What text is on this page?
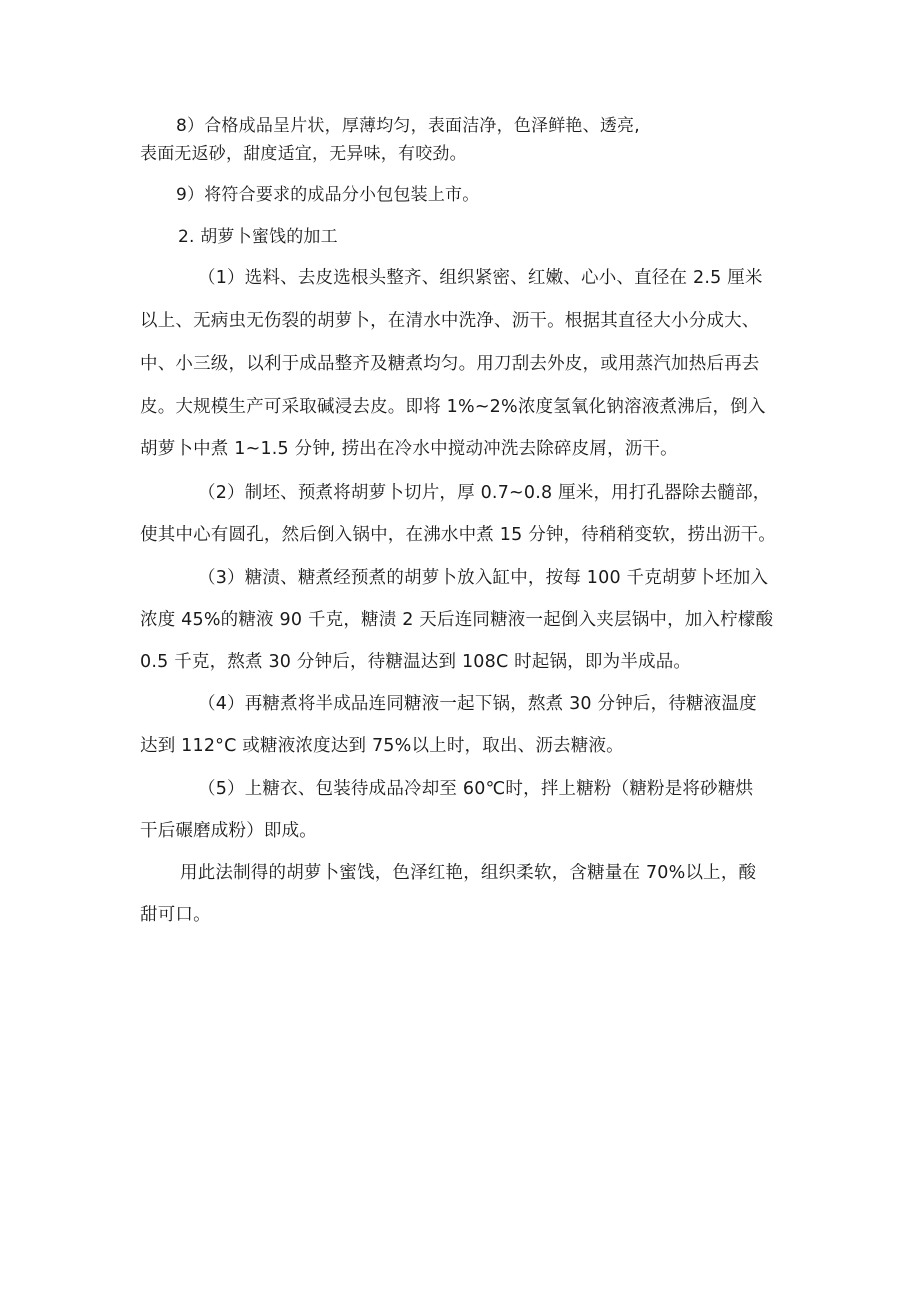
8）合格成品呈片状，厚薄均匀，表面洁净，色泽鲜艳、透亮,
表面无返砂，甜度适宜，无异味，有咬劲。
9）将符合要求的成品分小包包装上市。
2. 胡萝卜蜜饯的加工
（1）选料、去皮选根头整齐、组织紧密、红嫩、心小、直径在 2.5 厘米
以上、无病虫无伤裂的胡萝卜，在清水中洗净、沥干。根据其直径大小分成大、
中、小三级，以利于成品整齐及糖煮均匀。用刀刮去外皮，或用蒸汽加热后再去
皮。大规模生产可采取碱浸去皮。即将 1%~2%浓度氢氧化钠溶液煮沸后，倒入
胡萝卜中煮 1~1.5 分钟, 捞出在冷水中搅动冲洗去除碎皮屑，沥干。
（2）制坯、预煮将胡萝卜切片，厚 0.7~0.8 厘米，用打孔器除去髓部，
使其中心有圆孔，然后倒入锅中，在沸水中煮 15 分钟，待稍稍变软，捞出沥干。
（3）糖渍、糖煮经预煮的胡萝卜放入缸中，按每 100 千克胡萝卜坯加入
浓度 45%的糖液 90 千克，糖渍 2 天后连同糖液一起倒入夹层锅中，加入柠檬酸
0.5 千克，熬煮 30 分钟后，待糖温达到 108C 时起锅，即为半成品。
（4）再糖煮将半成品连同糖液一起下锅，熬煮 30 分钟后，待糖液温度
达到 112°C 或糖液浓度达到 75%以上时，取出、沥去糖液。
（5）上糖衣、包装待成品冷却至 60℃时，拌上糖粉（糖粉是将砂糖烘
干后碾磨成粉）即成。
用此法制得的胡萝卜蜜饯，色泽红艳，组织柔软，含糖量在 70%以上，酸
甜可口。
